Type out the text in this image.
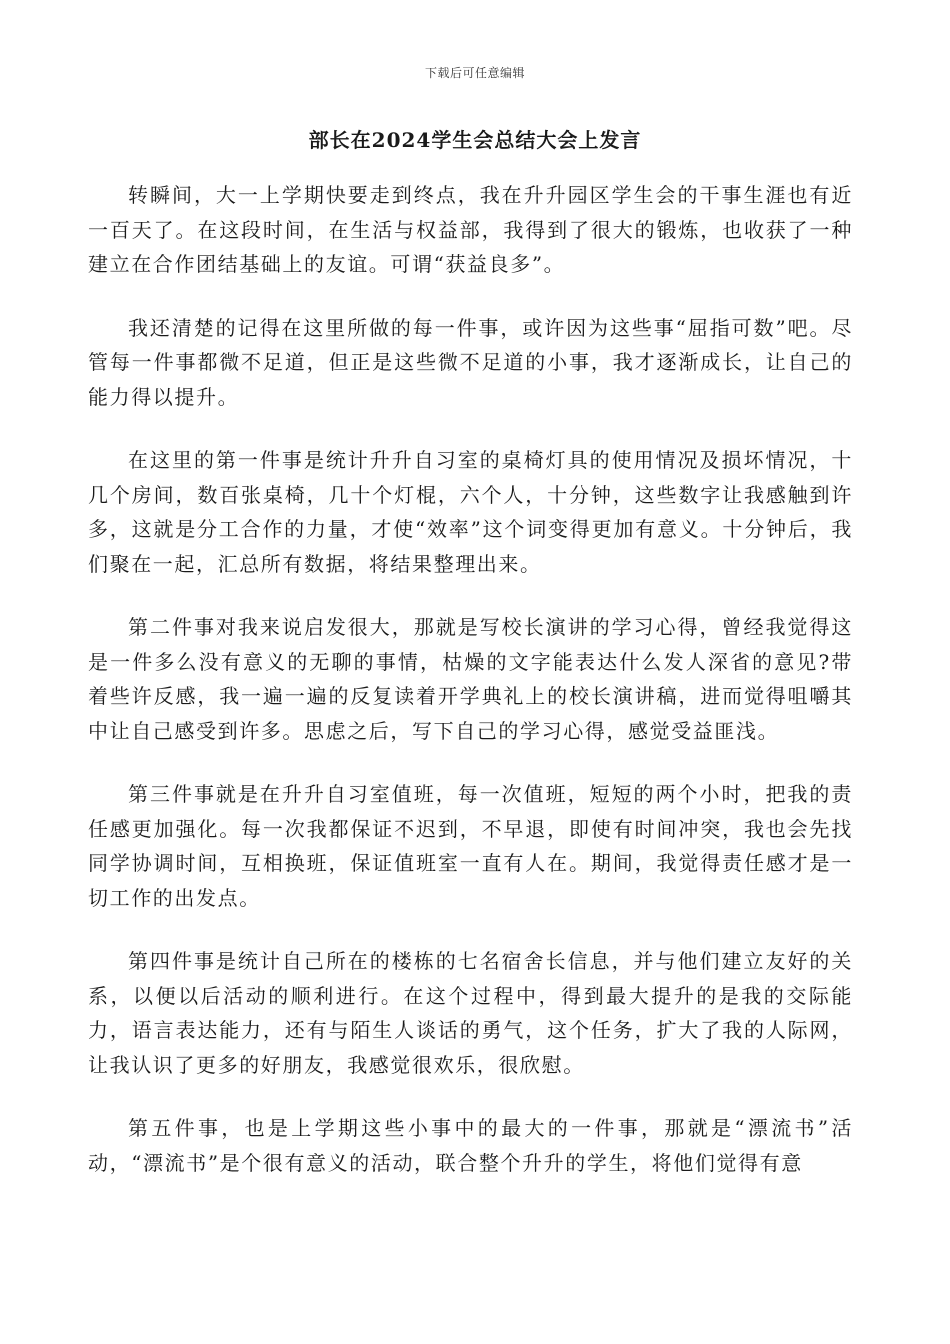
下载后可任意编辑
部长在2024学生会总结大会上发言

转瞬间，大一上学期快要走到终点，我在升升园区学生会的干事生涯也有近一百天了。在这段时间，在生活与权益部，我得到了很大的锻炼，也收获了一种建立在合作团结基础上的友谊。可谓“获益良多”。

我还清楚的记得在这里所做的每一件事，或许因为这些事“屈指可数”吧。尽管每一件事都微不足道，但正是这些微不足道的小事，我才逐渐成长，让自己的能力得以提升。

在这里的第一件事是统计升升自习室的桌椅灯具的使用情况及损坏情况，十几个房间，数百张桌椅，几十个灯棍，六个人，十分钟，这些数字让我感触到许多，这就是分工合作的力量，才使“效率”这个词变得更加有意义。十分钟后，我们聚在一起，汇总所有数据，将结果整理出来。

第二件事对我来说启发很大，那就是写校长演讲的学习心得，曾经我觉得这是一件多么没有意义的无聊的事情，枯燥的文字能表达什么发人深省的意见?带着些许反感，我一遍一遍的反复读着开学典礼上的校长演讲稿，进而觉得咀嚼其中让自己感受到许多。思虑之后，写下自己的学习心得，感觉受益匪浅。

第三件事就是在升升自习室值班，每一次值班，短短的两个小时，把我的责任感更加强化。每一次我都保证不迟到，不早退，即使有时间冲突，我也会先找同学协调时间，互相换班，保证值班室一直有人在。期间，我觉得责任感才是一切工作的出发点。

第四件事是统计自己所在的楼栋的七名宿舍长信息，并与他们建立友好的关系，以便以后活动的顺利进行。在这个过程中，得到最大提升的是我的交际能力，语言表达能力，还有与陌生人谈话的勇气，这个任务，扩大了我的人际网，让我认识了更多的好朋友，我感觉很欢乐，很欣慰。

第五件事，也是上学期这些小事中的最大的一件事，那就是“漂流书”活动，“漂流书”是个很有意义的活动，联合整个升升的学生，将他们觉得有意
